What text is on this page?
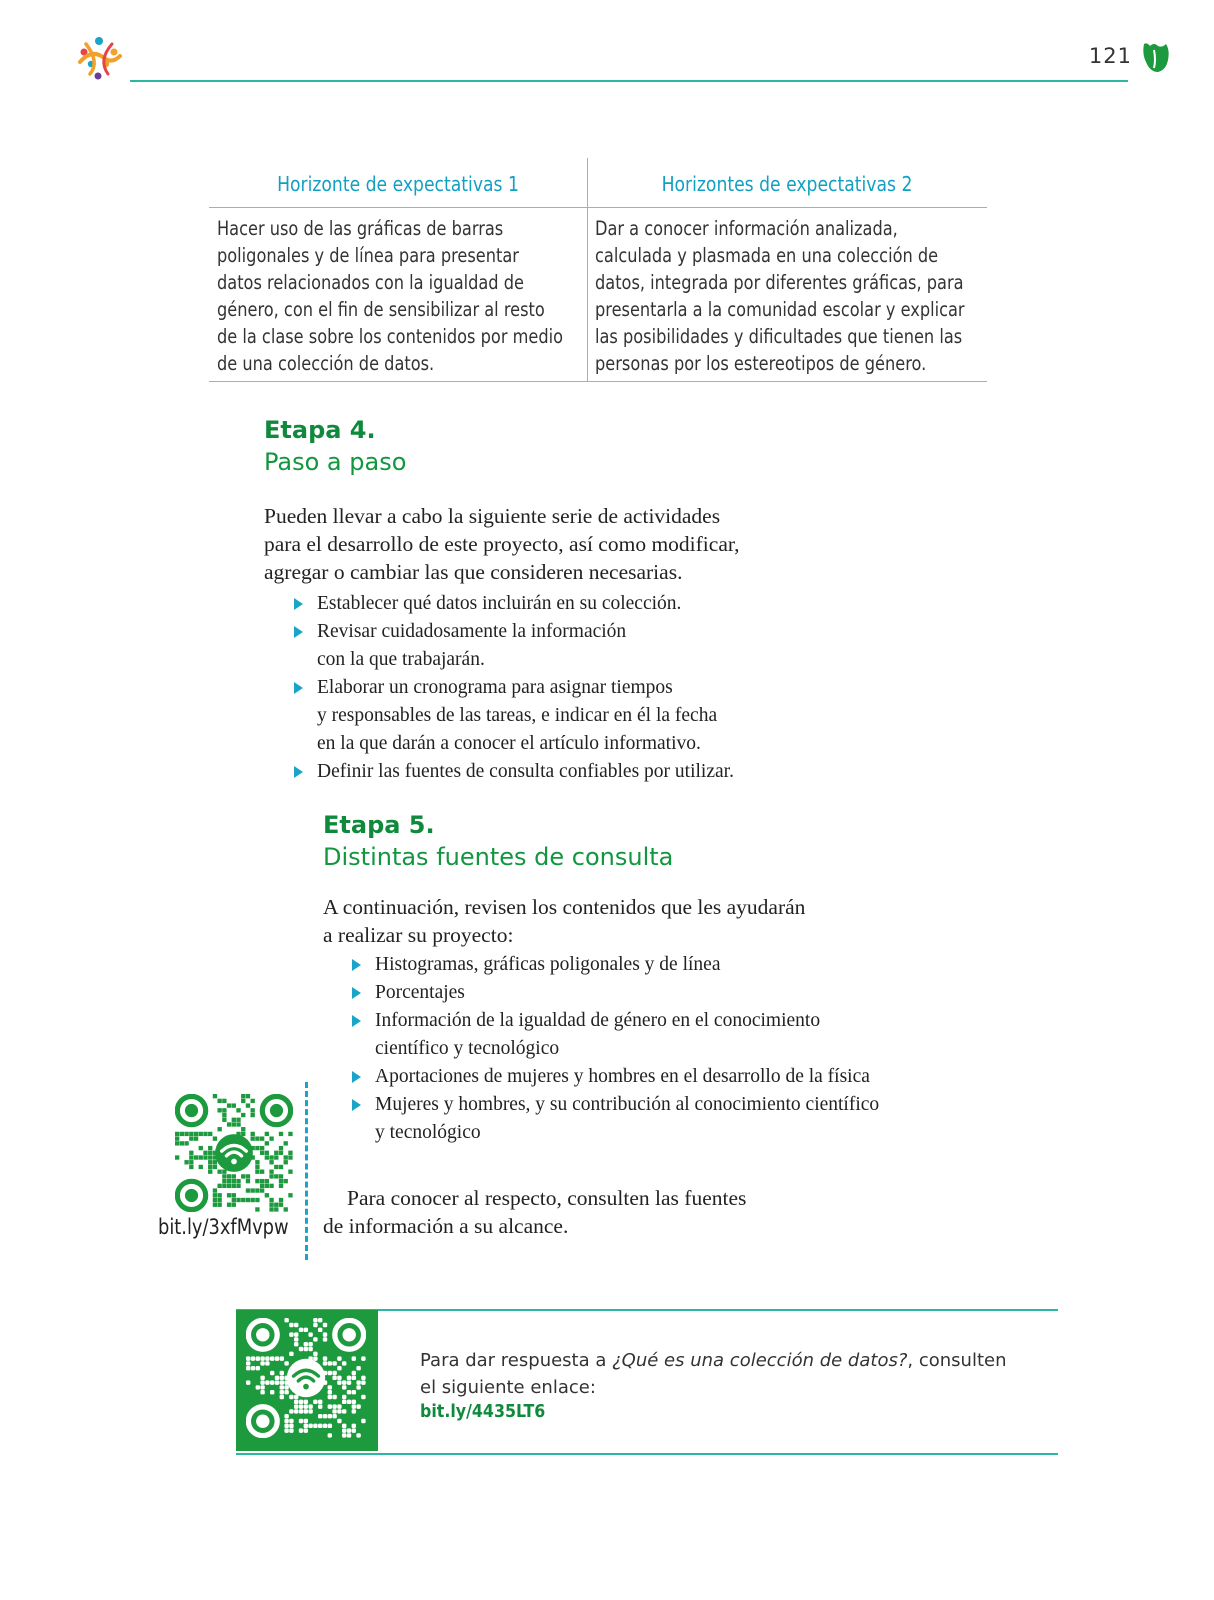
121
Horizonte de expectativas 1	Horizontes de expectativas 2
Hacer uso de las gráficas de barras
poligonales y de línea para presentar
datos relacionados con la igualdad de
género, con el fin de sensibilizar al resto
de la clase sobre los contenidos por medio
de una colección de datos.
Dar a conocer información analizada,
calculada y plasmada en una colección de
datos, integrada por diferentes gráficas, para
presentarla a la comunidad escolar y explicar
las posibilidades y dificultades que tienen las
personas por los estereotipos de género.
Etapa 4.
Paso a paso
Pueden llevar a cabo la siguiente serie de actividades
para el desarrollo de este proyecto, así como modificar,
agregar o cambiar las que consideren necesarias.
Establecer qué datos incluirán en su colección.
Revisar cuidadosamente la información
con la que trabajarán.
Elaborar un cronograma para asignar tiempos
y responsables de las tareas, e indicar en él la fecha
en la que darán a conocer el artículo informativo.
Definir las fuentes de consulta confiables por utilizar.
Etapa 5.
Distintas fuentes de consulta
A continuación, revisen los contenidos que les ayudarán
a realizar su proyecto:
Histogramas, gráficas poligonales y de línea
Porcentajes
Información de la igualdad de género en el conocimiento
científico y tecnológico
Aportaciones de mujeres y hombres en el desarrollo de la física
Mujeres y hombres, y su contribución al conocimiento científico
y tecnológico
Para conocer al respecto, consulten las fuentes
de información a su alcance.
bit.ly/3xfMvpw
Para dar respuesta a ¿Qué es una colección de datos?, consulten
el siguiente enlace:
bit.ly/4435LT6
